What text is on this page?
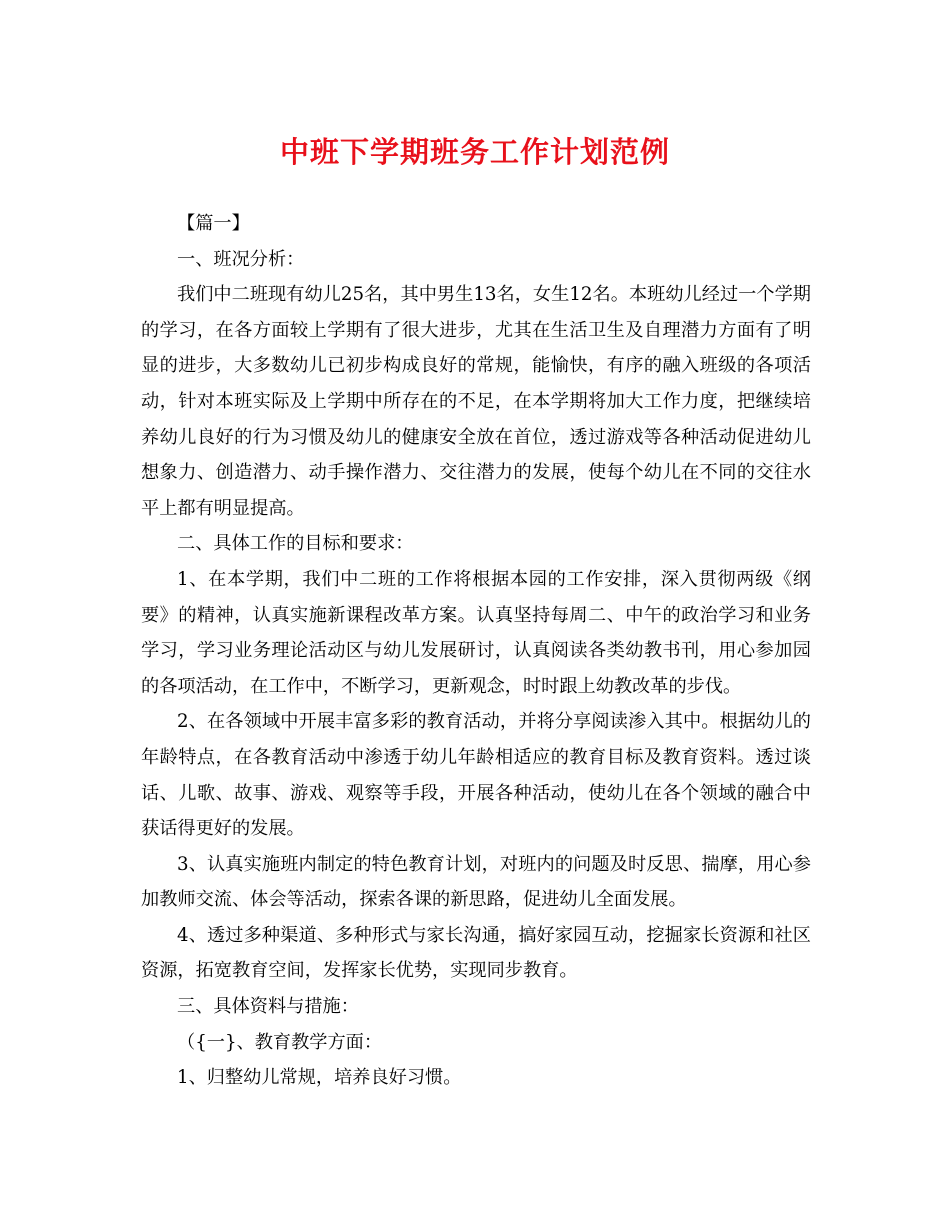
中班下学期班务工作计划范例

【篇一】

一、班况分析：

我们中二班现有幼儿25名，其中男生13名，女生12名。本班幼儿经过一个学期的学习，在各方面较上学期有了很大进步，尤其在生活卫生及自理潜力方面有了明显的进步，大多数幼儿已初步构成良好的常规，能愉快，有序的融入班级的各项活动，针对本班实际及上学期中所存在的不足，在本学期将加大工作力度，把继续培养幼儿良好的行为习惯及幼儿的健康安全放在首位，透过游戏等各种活动促进幼儿想象力、创造潜力、动手操作潜力、交往潜力的发展，使每个幼儿在不同的交往水平上都有明显提高。

二、具体工作的目标和要求：

1、在本学期，我们中二班的工作将根据本园的工作安排，深入贯彻两级《纲要》的精神，认真实施新课程改革方案。认真坚持每周二、中午的政治学习和业务学习，学习业务理论活动区与幼儿发展研讨，认真阅读各类幼教书刊，用心参加园的各项活动，在工作中，不断学习，更新观念，时时跟上幼教改革的步伐。

2、在各领域中开展丰富多彩的教育活动，并将分享阅读渗入其中。根据幼儿的年龄特点，在各教育活动中渗透于幼儿年龄相适应的教育目标及教育资料。透过谈话、儿歌、故事、游戏、观察等手段，开展各种活动，使幼儿在各个领域的融合中获话得更好的发展。

3、认真实施班内制定的特色教育计划，对班内的问题及时反思、揣摩，用心参加教师交流、体会等活动，探索各课的新思路，促进幼儿全面发展。

4、透过多种渠道、多种形式与家长沟通，搞好家园互动，挖掘家长资源和社区资源，拓宽教育空间，发挥家长优势，实现同步教育。

三、具体资料与措施：

（{一}、教育教学方面：

1、归整幼儿常规，培养良好习惯。
